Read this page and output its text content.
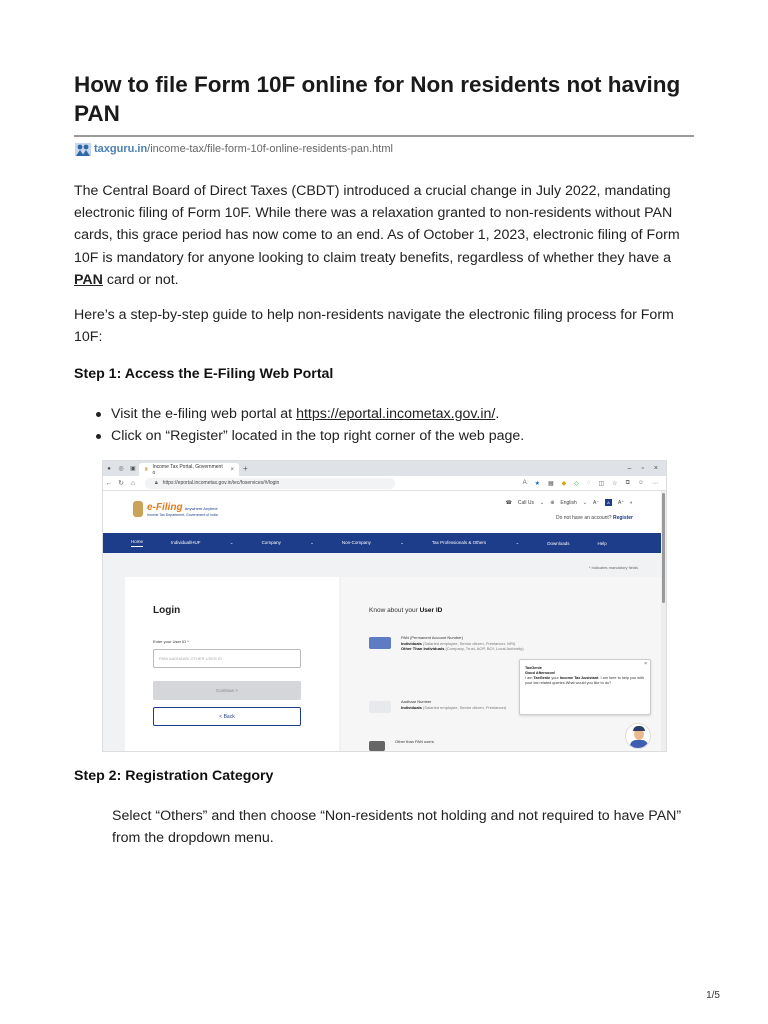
How to file Form 10F online for Non residents not having PAN
taxguru.in /income-tax/file-form-10f-online-residents-pan.html

The Central Board of Direct Taxes (CBDT) introduced a crucial change in July 2022, mandating electronic filing of Form 10F. While there was a relaxation granted to non-residents without PAN cards, this grace period has now come to an end. As of October 1, 2023, electronic filing of Form 10F is mandatory for anyone looking to claim treaty benefits, regardless of whether they have a PAN card or not.

Here’s a step-by-step guide to help non-residents navigate the electronic filing process for Form 10F:

Step 1: Access the E-Filing Web Portal
Visit the e-filing web portal at https://eportal.incometax.gov.in/.
Click on “Register” located in the top right corner of the web page.
●	◎	▣	♜ Income Tax Portal, Government o	× +	– ▫ ×
← ↻ ⌂	🔒︎ https://eportal.incometax.gov.in/iec/foservices/#/login	A ★ ▦ ◆ ◇ ◌ ◫ ☆ ⧉ ☺ ⋯
e-Filing Anywhere Anytime
Income Tax Department, Government of India
☎ Call Us ⌄ ⊕ English ⌄ A⁻	A	A⁺ ◐
Do not have an account? Register
Home	Individual/HUF	⌄	Company	⌄	Non-Company	⌄	Tax Professionals & Others	⌄	Downloads	Help
* Indicates mandatory fields
Login
Enter your User ID *
PAN/ AADHAAR/ OTHER USER ID
Continue >
< Back
Know about your User ID
PAN (Permanent Account Number)
Individuals (Salaried employee, Senior citizen, Freelancer, NRI)
Other Than Individuals (Company, Trust, AOP, BOI, Local Authority)
Aadhaar Number
Individuals (Salaried employee, Senior citizen, Freelancer)
Other than PAN users
×
TaxGenie
Good Afternoon!
I am TaxGenie your Income Tax Assistant. I am here to help you with your tax related queries.What would you like to do?
Step 2: Registration Category

Select “Others” and then choose “Non-residents not holding and not required to have PAN” from the dropdown menu.

1/5
